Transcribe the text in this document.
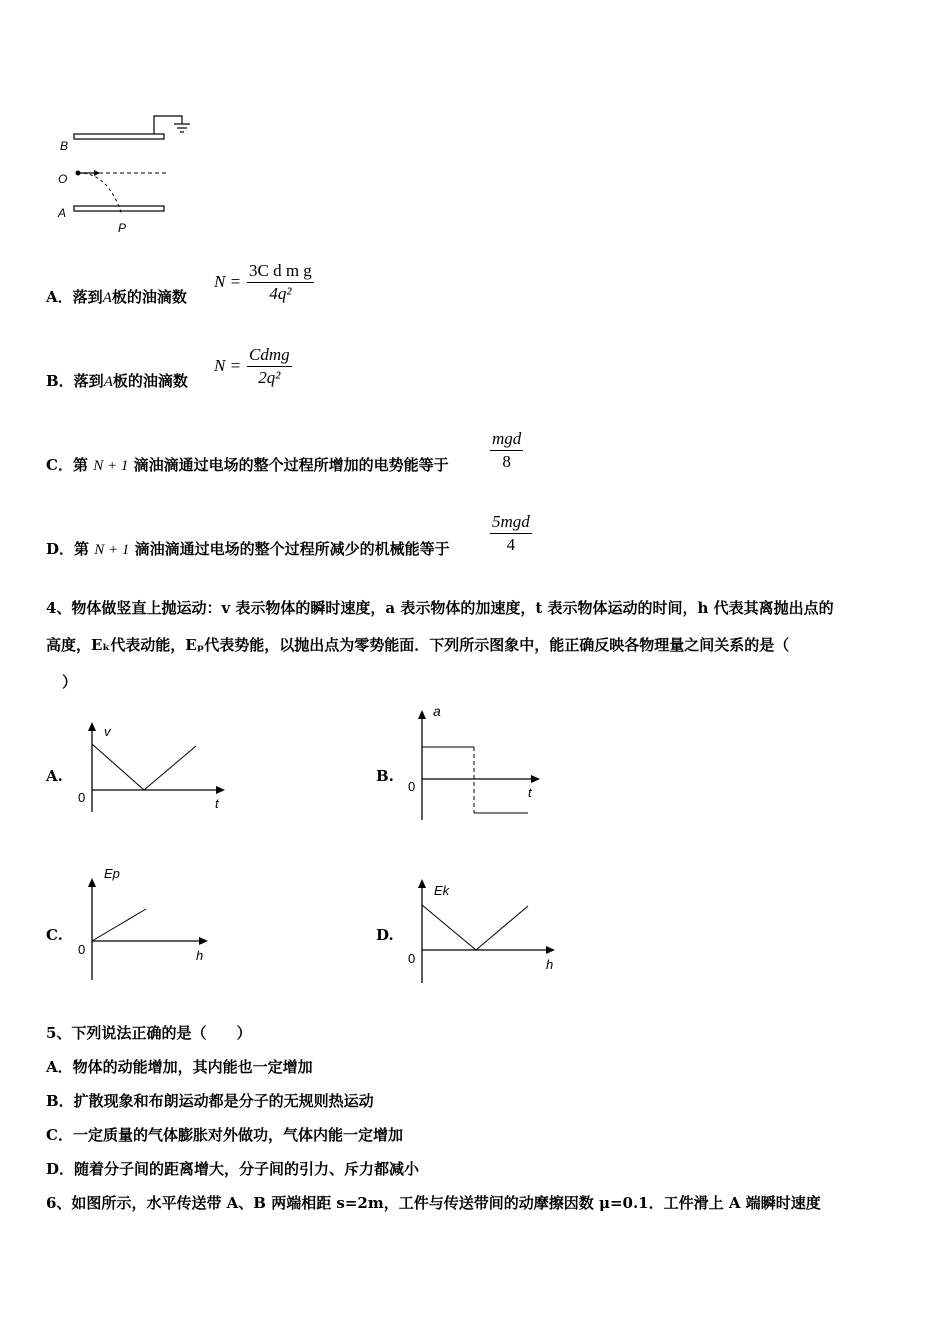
B
O
A
P
A．落到A板的油滴数
$N = \frac{\text{3C d m g}}{\text{4q²}}$
B．落到A板的油滴数
N =
Cdmg
2q²
C．第 N + 1 滴油滴通过电场的整个过程所增加的电势能等于
mgd
8
D．第 N + 1 滴油滴通过电场的整个过程所减少的机械能等于
5mgd
4
4、物体做竖直上抛运动：v 表示物体的瞬时速度，a 表示物体的加速度，t 表示物体运动的时间，h 代表其离抛出点的
高度，Eₖ代表动能，Eₚ代表势能，以抛出点为零势能面．下列所示图象中，能正确反映各物理量之间关系的是（
）
A.
v
t
0
B.
a
t
0
C.
Ep
h
0
D.
Ek
h
0
5、下列说法正确的是（　　）
A．物体的动能增加，其内能也一定增加
B．扩散现象和布朗运动都是分子的无规则热运动
C．一定质量的气体膨胀对外做功，气体内能一定增加
D．随着分子间的距离增大，分子间的引力、斥力都减小
6、如图所示，水平传送带 A、B 两端相距 s=2m，工件与传送带间的动摩擦因数 μ=0.1．工件滑上 A 端瞬时速度
